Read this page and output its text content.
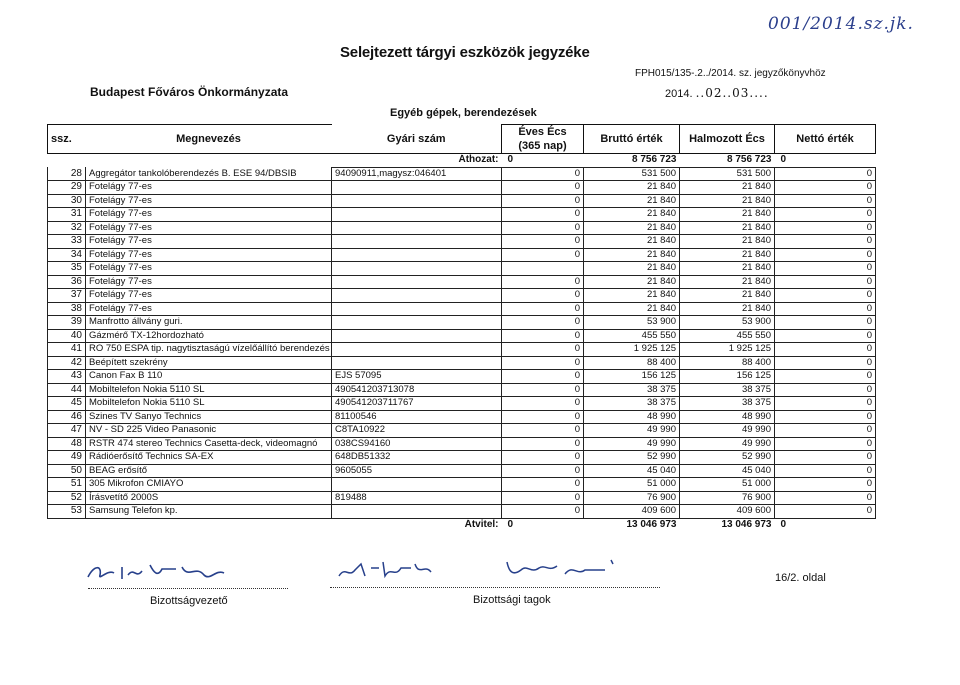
Selejtezett tárgyi eszközök jegyzéke
Budapest Főváros Önkormányzata
FPH015/135-.2../2014. sz. jegyzőkönyvhöz
2014. ..02..03....
001/2014.sz.jk.
Egyéb gépek, berendezések
ssz.	Megnevezés	Gyári szám	Éves Écs
(365 nap)	Bruttó érték	Halmozott Écs	Nettó érték
		Áthozat:	0	8 756 723	8 756 723	0
28	Aggregátor tankolóberendezés B. ESE 94/DBSIB	94090911,magysz:046401	0	531 500	531 500	0
29	Fotelágy 77-es		0	21 840	21 840	0
30	Fotelágy 77-es		0	21 840	21 840	0
31	Fotelágy 77-es		0	21 840	21 840	0
32	Fotelágy 77-es		0	21 840	21 840	0
33	Fotelágy 77-es		0	21 840	21 840	0
34	Fotelágy 77-es		0	21 840	21 840	0
35	Fotelágy 77-es			21 840	21 840	0
36	Fotelágy 77-es		0	21 840	21 840	0
37	Fotelágy 77-es		0	21 840	21 840	0
38	Fotelágy 77-es		0	21 840	21 840	0
39	Manfrotto állvány guri.		0	53 900	53 900	0
40	Gázmérő TX-12hordozható		0	455 550	455 550	0
41	RO 750 ESPA tip. nagytisztaságú vízelőállító berendezés		0	1 925 125	1 925 125	0
42	Beépített szekrény		0	88 400	88 400	0
43	Canon Fax B 110	EJS 57095	0	156 125	156 125	0
44	Mobiltelefon Nokia 5110 SL	490541203713078	0	38 375	38 375	0
45	Mobiltelefon Nokia 5110 SL	490541203711767	0	38 375	38 375	0
46	Szines TV Sanyo Technics	81100546	0	48 990	48 990	0
47	NV - SD 225 Video Panasonic	C8TA10922	0	49 990	49 990	0
48	RSTR 474 stereo Technics Casetta-deck, videomagnó	038CS94160	0	49 990	49 990	0
49	Rádióerősítő Technics SA-EX	648DB51332	0	52 990	52 990	0
50	BEAG erősítő	9605055	0	45 040	45 040	0
51	305 Mikrofon CMIAYO		0	51 000	51 000	0
52	Írásvetítő 2000S	819488	0	76 900	76 900	0
53	Samsung Telefon kp.		0	409 600	409 600	0
		Átvitel:	0	13 046 973	13 046 973	0
Bizottságvezető	Bizottsági tagok
16/2. oldal
